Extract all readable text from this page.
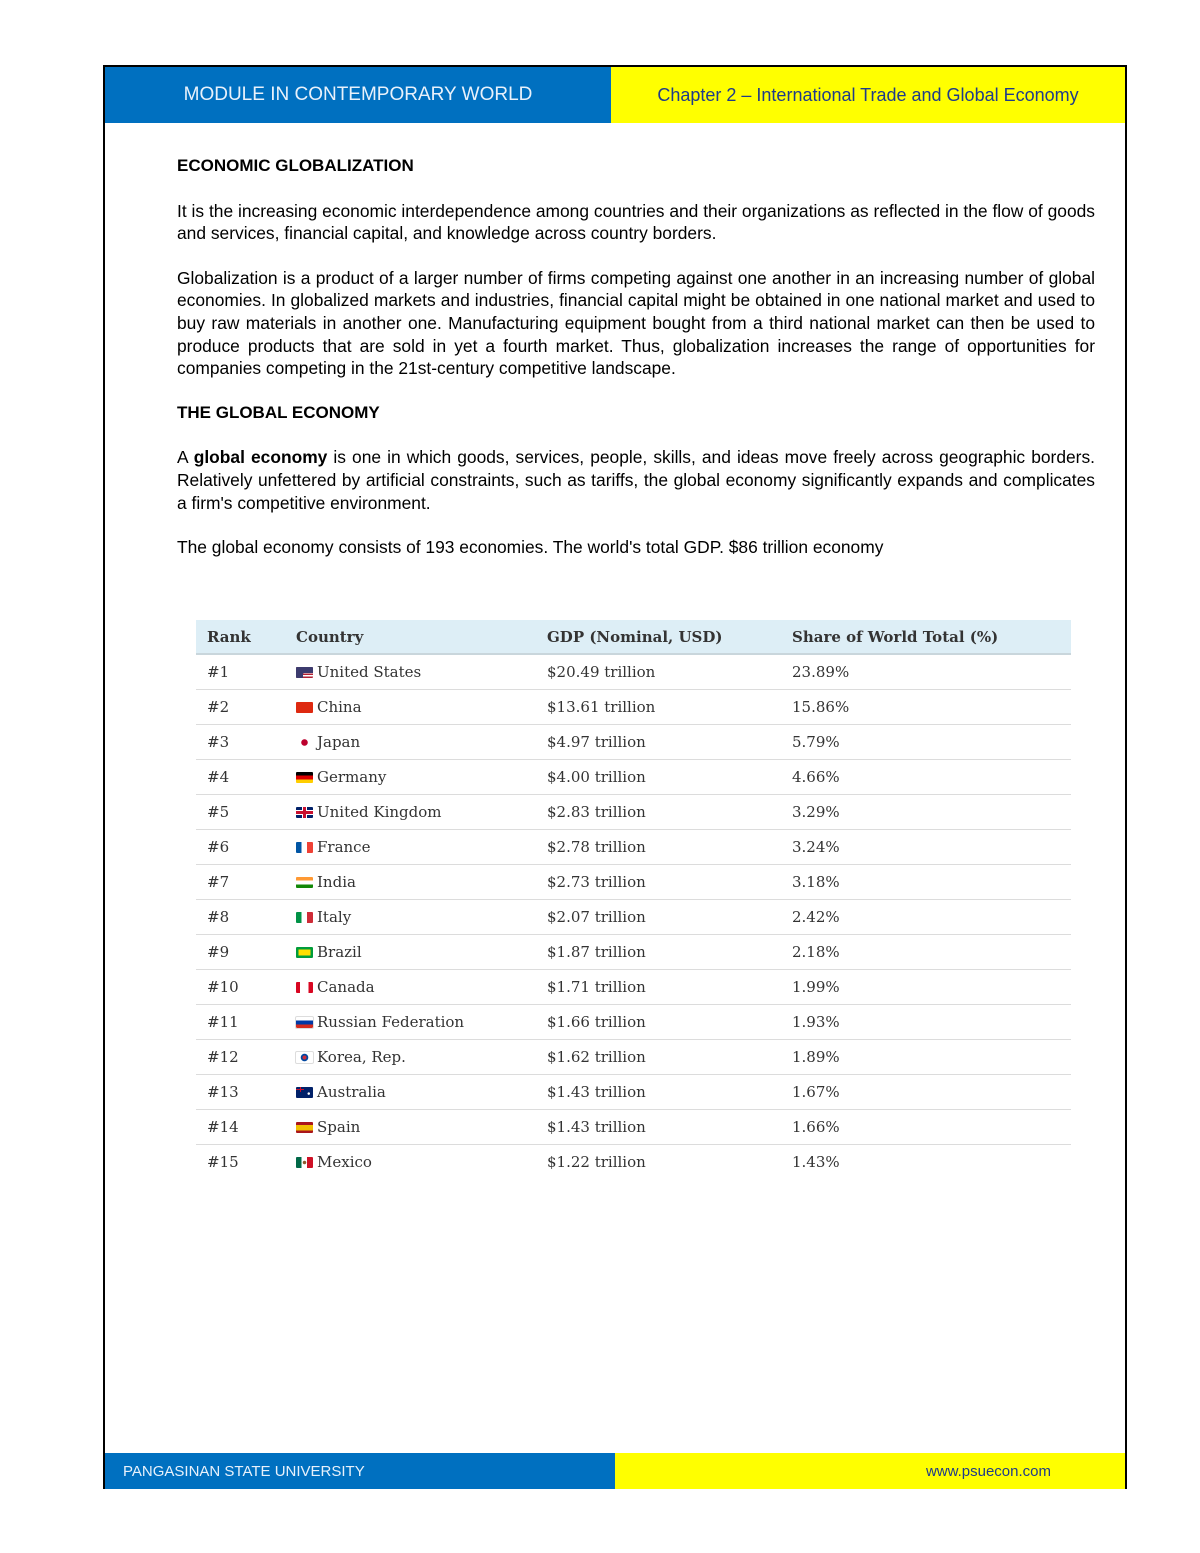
MODULE IN CONTEMPORARY WORLD	Chapter 2 – International Trade and Global Economy
ECONOMIC GLOBALIZATION

It is the increasing economic interdependence among countries and their organizations as reflected in the flow of goods and services, financial capital, and knowledge across country borders.

Globalization is a product of a larger number of firms competing against one another in an increasing number of global economies. In globalized markets and industries, financial capital might be obtained in one national market and used to buy raw materials in another one. Manufacturing equipment bought from a third national market can then be used to produce products that are sold in yet a fourth market. Thus, globalization increases the range of opportunities for companies competing in the 21st-century competitive landscape.

THE GLOBAL ECONOMY

A global economy is one in which goods, services, people, skills, and ideas move freely across geographic borders. Relatively unfettered by artificial constraints, such as tariffs, the global economy significantly expands and complicates a firm's competitive environment.

The global economy consists of 193 economies. The world's total GDP. $86 trillion economy

Rank	Country	GDP (Nominal, USD)	Share of World Total (%)
#1	United States	$20.49 trillion	23.89%
#2	China	$13.61 trillion	15.86%
#3	Japan	$4.97 trillion	5.79%
#4	Germany	$4.00 trillion	4.66%
#5	United Kingdom	$2.83 trillion	3.29%
#6	France	$2.78 trillion	3.24%
#7	India	$2.73 trillion	3.18%
#8	Italy	$2.07 trillion	2.42%
#9	Brazil	$1.87 trillion	2.18%
#10	Canada	$1.71 trillion	1.99%
#11	Russian Federation	$1.66 trillion	1.93%
#12	Korea, Rep.	$1.62 trillion	1.89%
#13	Australia	$1.43 trillion	1.67%
#14	Spain	$1.43 trillion	1.66%
#15	Mexico	$1.22 trillion	1.43%
PANGASINAN STATE UNIVERSITY	www.psuecon.com
